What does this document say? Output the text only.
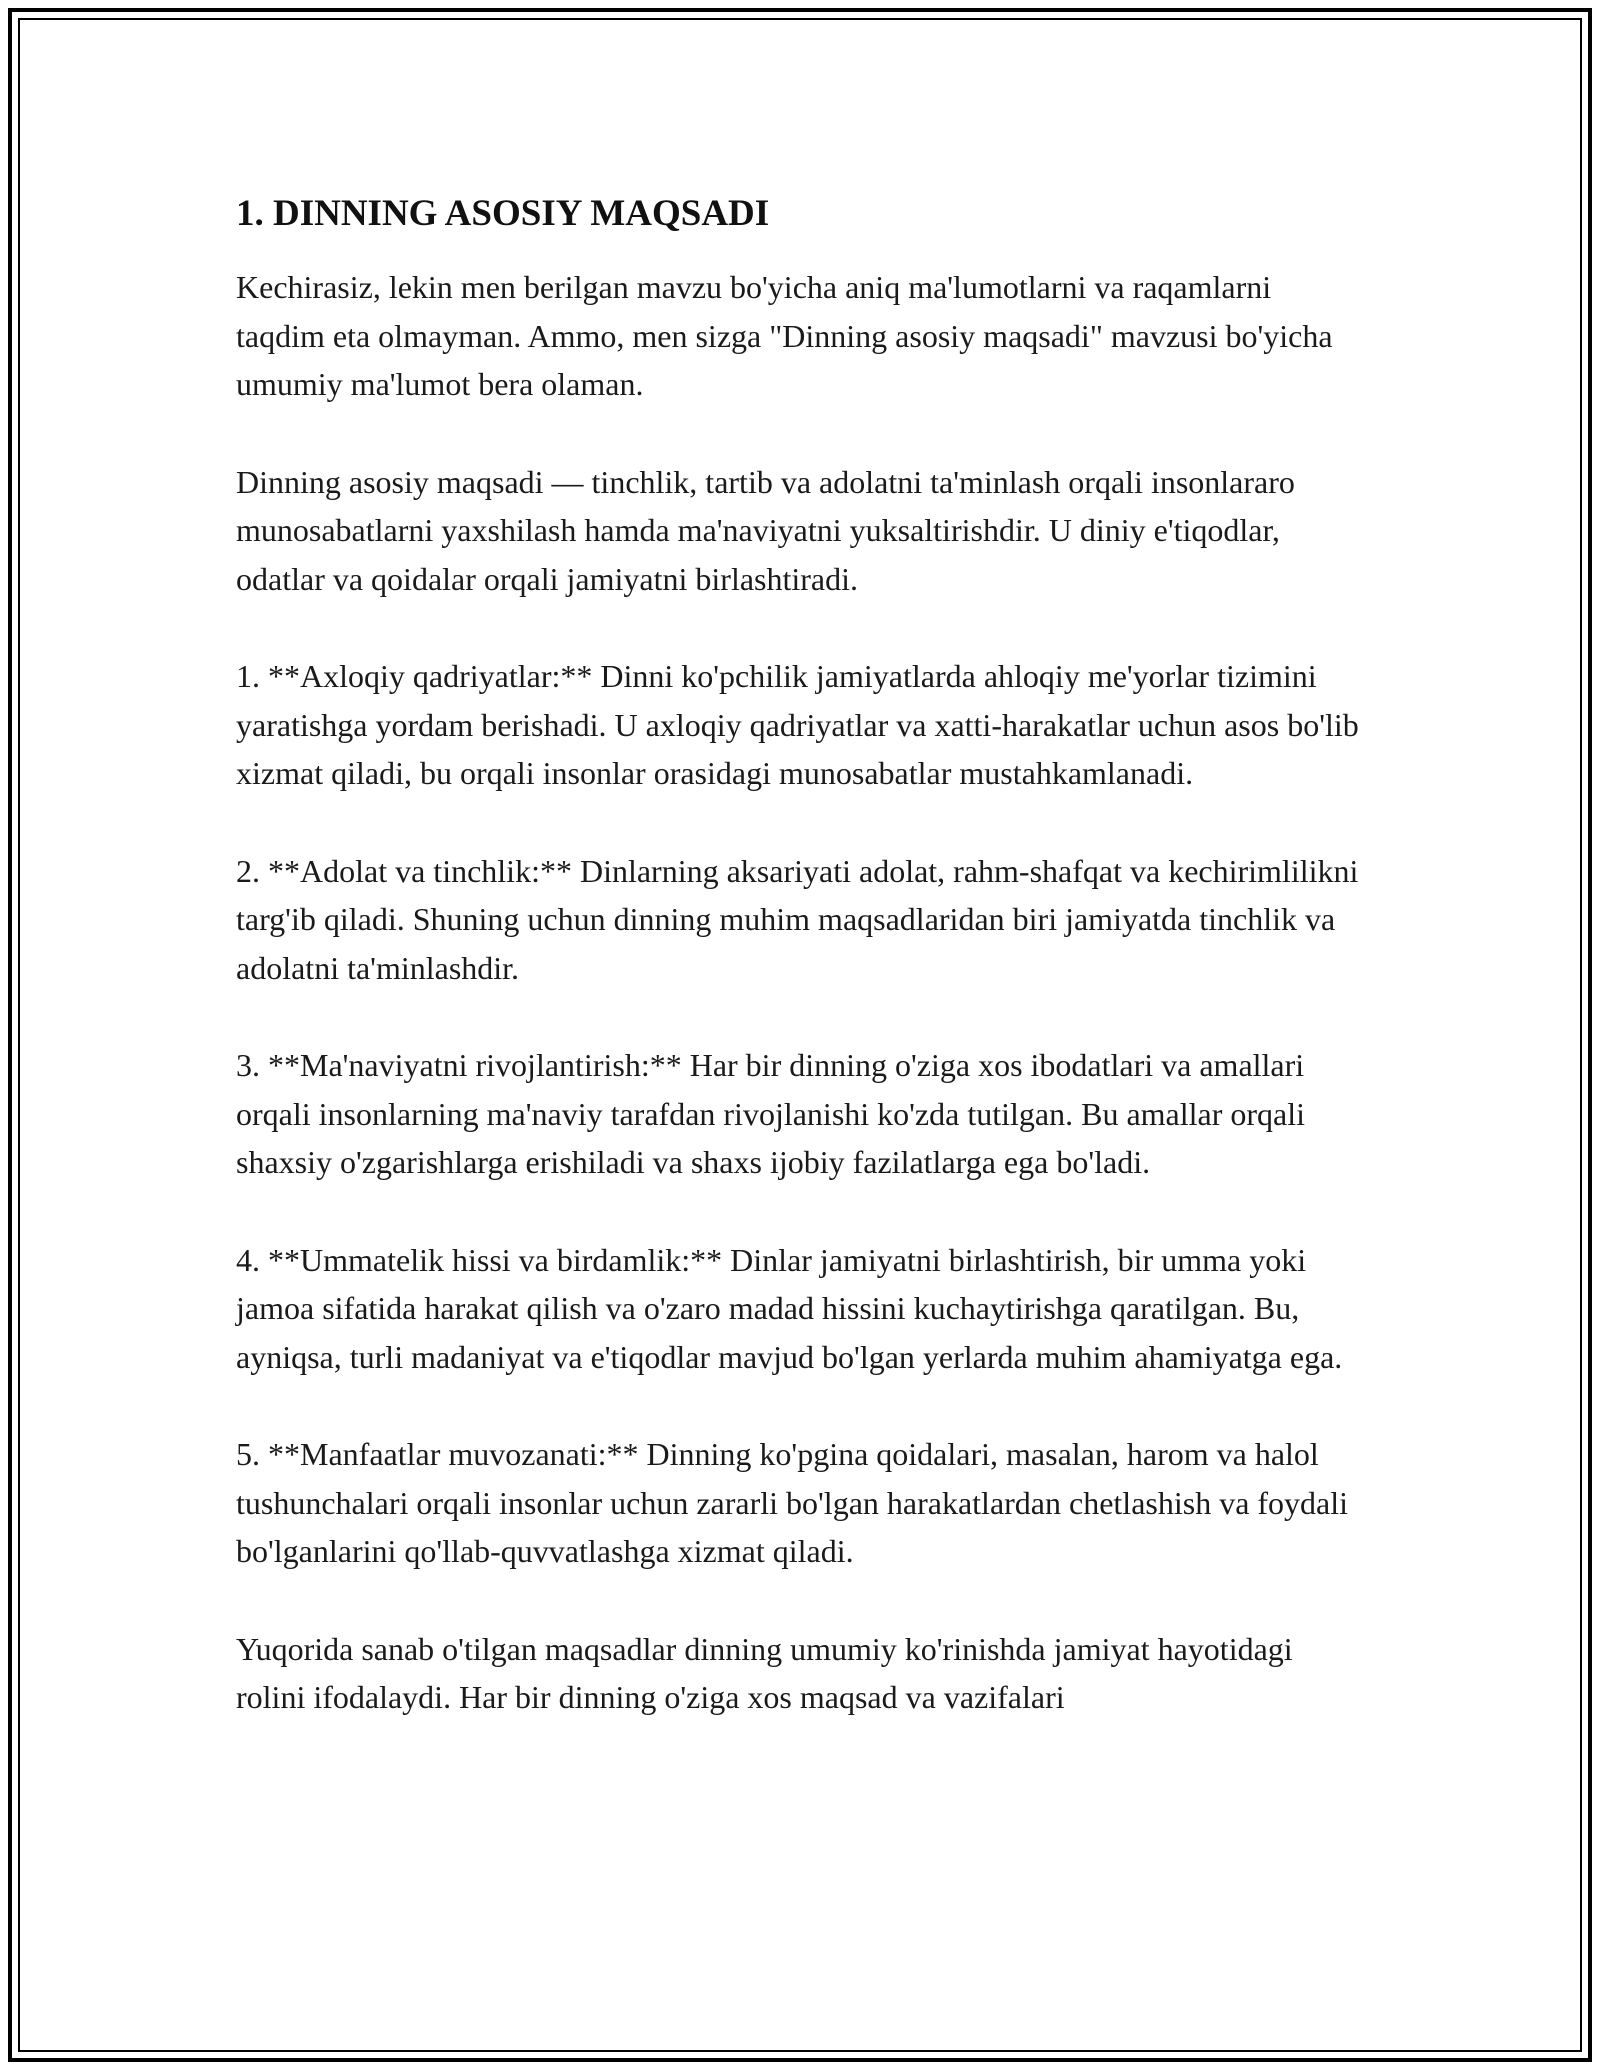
1. DINNING ASOSIY MAQSADI

Kechirasiz, lekin men berilgan mavzu bo'yicha aniq ma'lumotlarni va raqamlarni taqdim eta olmayman. Ammo, men sizga "Dinning asosiy maqsadi" mavzusi bo'yicha umumiy ma'lumot bera olaman.

Dinning asosiy maqsadi — tinchlik, tartib va adolatni ta'minlash orqali insonlararo munosabatlarni yaxshilash hamda ma'naviyatni yuksaltirishdir. U diniy e'tiqodlar, odatlar va qoidalar orqali jamiyatni birlashtiradi.

1. **Axloqiy qadriyatlar:** Dinni ko'pchilik jamiyatlarda ahloqiy me'yorlar tizimini yaratishga yordam berishadi. U axloqiy qadriyatlar va xatti-harakatlar uchun asos bo'lib xizmat qiladi, bu orqali insonlar orasidagi munosabatlar mustahkamlanadi.

2. **Adolat va tinchlik:** Dinlarning aksariyati adolat, rahm-shafqat va kechirimlilikni targ'ib qiladi. Shuning uchun dinning muhim maqsadlaridan biri jamiyatda tinchlik va adolatni ta'minlashdir.

3. **Ma'naviyatni rivojlantirish:** Har bir dinning o'ziga xos ibodatlari va amallari orqali insonlarning ma'naviy tarafdan rivojlanishi ko'zda tutilgan. Bu amallar orqali shaxsiy o'zgarishlarga erishiladi va shaxs ijobiy fazilatlarga ega bo'ladi.

4. **Ummatelik hissi va birdamlik:** Dinlar jamiyatni birlashtirish, bir umma yoki jamoa sifatida harakat qilish va o'zaro madad hissini kuchaytirishga qaratilgan. Bu, ayniqsa, turli madaniyat va e'tiqodlar mavjud bo'lgan yerlarda muhim ahamiyatga ega.

5. **Manfaatlar muvozanati:** Dinning ko'pgina qoidalari, masalan, harom va halol tushunchalari orqali insonlar uchun zararli bo'lgan harakatlardan chetlashish va foydali bo'lganlarini qo'llab-quvvatlashga xizmat qiladi.

Yuqorida sanab o'tilgan maqsadlar dinning umumiy ko'rinishda jamiyat hayotidagi rolini ifodalaydi. Har bir dinning o'ziga xos maqsad va vazifalari
